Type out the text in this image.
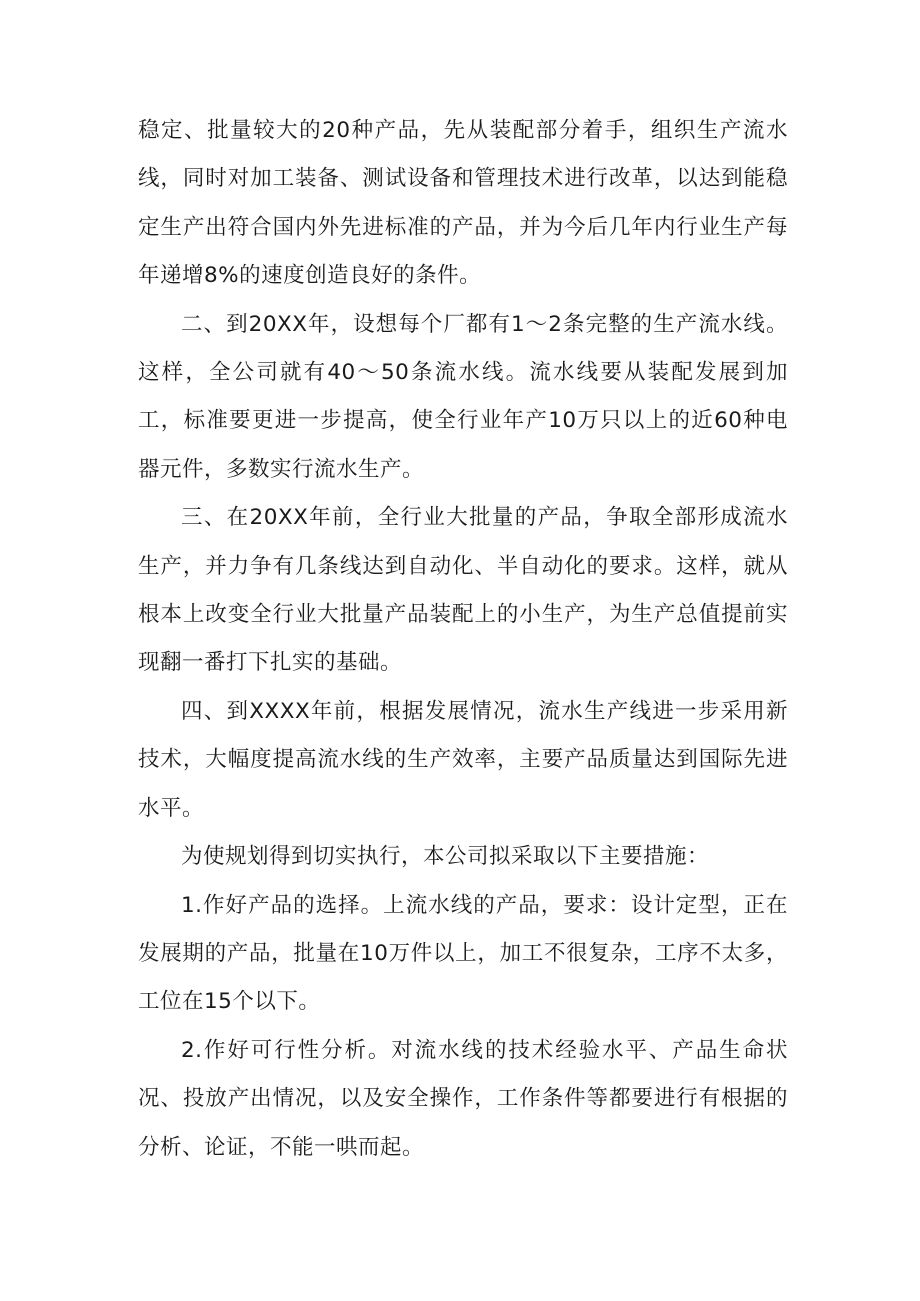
稳定、批量较大的20种产品，先从装配部分着手，组织生产流水线，同时对加工装备、测试设备和管理技术进行改革，以达到能稳定生产出符合国内外先进标准的产品，并为今后几年内行业生产每年递增8%的速度创造良好的条件。

二、到20XX年，设想每个厂都有1～2条完整的生产流水线。这样，全公司就有40～50条流水线。流水线要从装配发展到加工，标准要更进一步提高，使全行业年产10万只以上的近60种电器元件，多数实行流水生产。

三、在20XX年前，全行业大批量的产品，争取全部形成流水生产，并力争有几条线达到自动化、半自动化的要求。这样，就从根本上改变全行业大批量产品装配上的小生产，为生产总值提前实现翻一番打下扎实的基础。

四、到XXXX年前，根据发展情况，流水生产线进一步采用新技术，大幅度提高流水线的生产效率，主要产品质量达到国际先进水平。

为使规划得到切实执行，本公司拟采取以下主要措施：

1.作好产品的选择。上流水线的产品，要求：设计定型，正在发展期的产品，批量在10万件以上，加工不很复杂，工序不太多，工位在15个以下。

2.作好可行性分析。对流水线的技术经验水平、产品生命状况、投放产出情况，以及安全操作，工作条件等都要进行有根据的分析、论证，不能一哄而起。
